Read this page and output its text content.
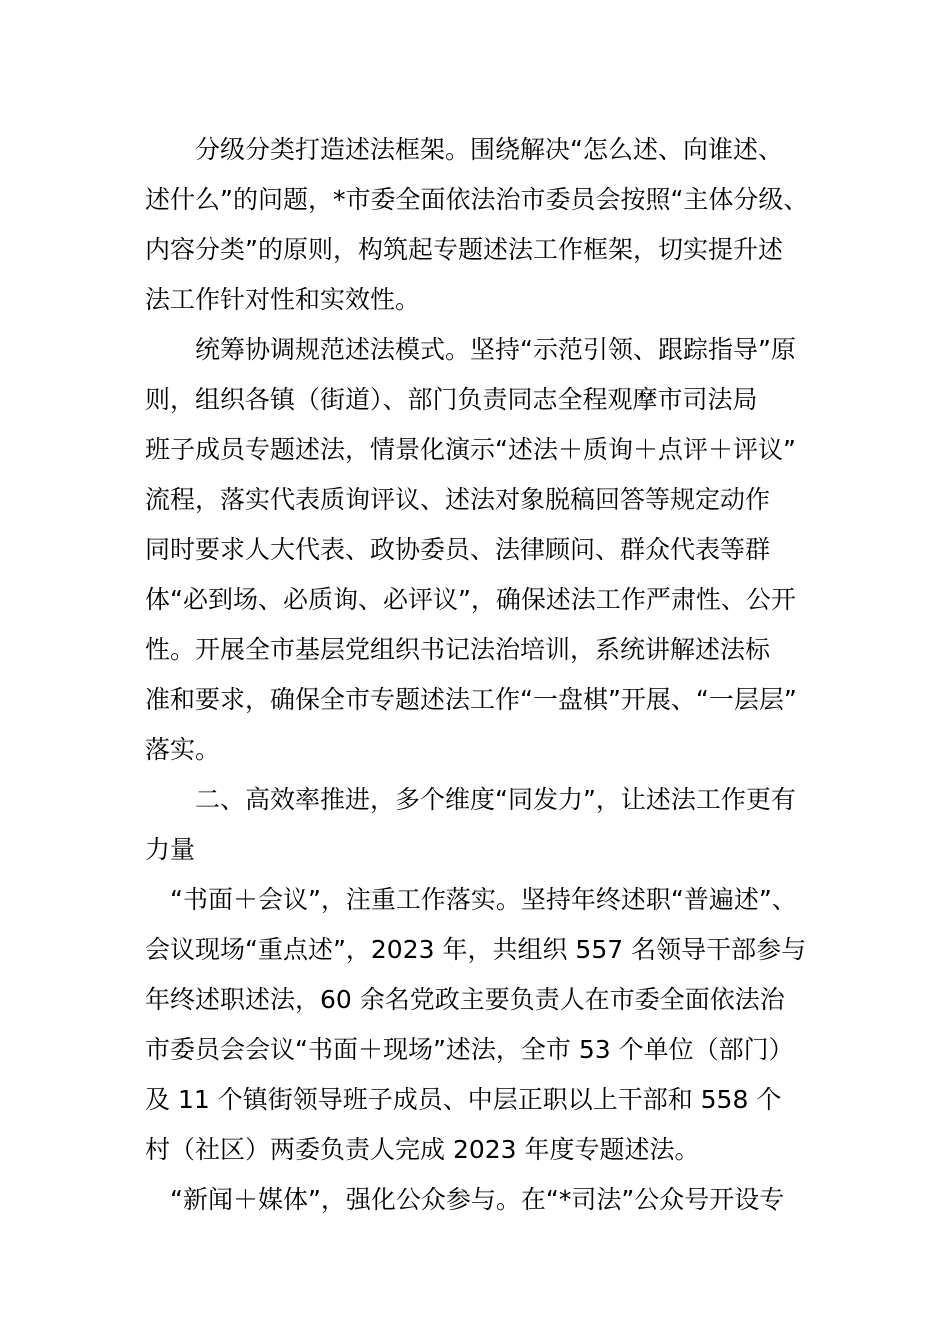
分级分类打造述法框架。围绕解决“怎么述、向谁述、
述什么”的问题，*市委全面依法治市委员会按照“主体分级、
内容分类”的原则，构筑起专题述法工作框架，切实提升述
法工作针对性和实效性。
统筹协调规范述法模式。坚持“示范引领、跟踪指导”原
则，组织各镇（街道）、部门负责同志全程观摩市司法局
班子成员专题述法，情景化演示“述法＋质询＋点评＋评议”
流程，落实代表质询评议、述法对象脱稿回答等规定动作
同时要求人大代表、政协委员、法律顾问、群众代表等群
体“必到场、必质询、必评议”，确保述法工作严肃性、公开
性。开展全市基层党组织书记法治培训，系统讲解述法标
准和要求，确保全市专题述法工作“一盘棋”开展、“一层层”
落实。
二、高效率推进，多个维度“同发力”，让述法工作更有
力量
“书面＋会议”，注重工作落实。坚持年终述职“普遍述”、
会议现场“重点述”，2023 年，共组织 557 名领导干部参与
年终述职述法，60 余名党政主要负责人在市委全面依法治
市委员会会议“书面＋现场”述法，全市 53 个单位（部门）
及 11 个镇街领导班子成员、中层正职以上干部和 558 个
村（社区）两委负责人完成 2023 年度专题述法。
“新闻＋媒体”，强化公众参与。在“*司法”公众号开设专
